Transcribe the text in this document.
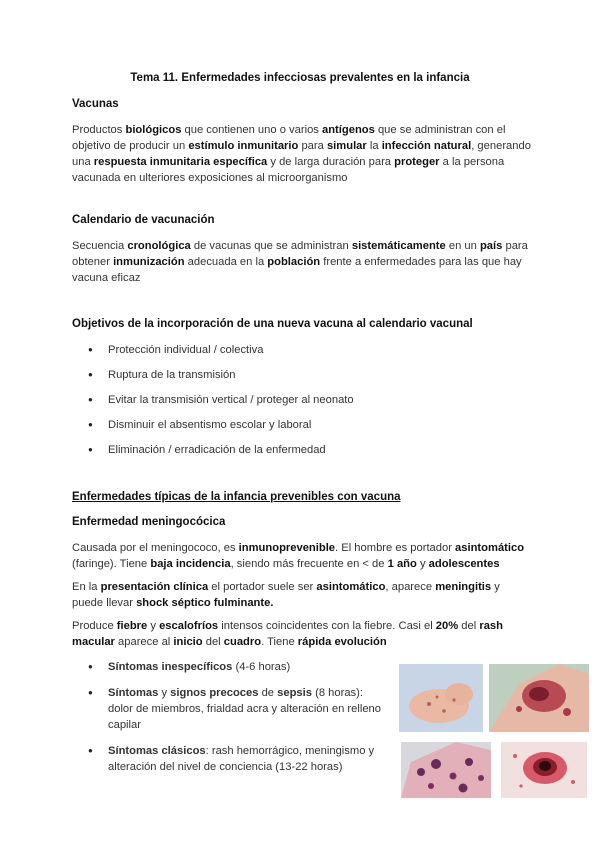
Tema 11. Enfermedades infecciosas prevalentes en la infancia
Vacunas
Productos biológicos que contienen uno o varios antígenos que se administran con el objetivo de producir un estímulo inmunitario para simular la infección natural, generando una respuesta inmunitaria específica y de larga duración para proteger a la persona vacunada en ulteriores exposiciones al microorganismo
Calendario de vacunación
Secuencia cronológica de vacunas que se administran sistemáticamente en un país para obtener inmunización adecuada en la población frente a enfermedades para las que hay vacuna eficaz
Objetivos de la incorporación de una nueva vacuna al calendario vacunal
● Protección individual / colectiva
● Ruptura de la transmisión
● Evitar la transmisión vertical / proteger al neonato
● Disminuir el absentismo escolar y laboral
● Eliminación / erradicación de la enfermedad
Enfermedades típicas de la infancia prevenibles con vacuna
Enfermedad meningocócica
Causada por el meningococo, es inmunoprevenible. El hombre es portador asintomático (faringe). Tiene baja incidencia, siendo más frecuente en < de 1 año y adolescentes
En la presentación clínica el portador suele ser asintomático, aparece meningitis y puede llevar shock séptico fulminante.
Produce fiebre y escalofríos intensos coincidentes con la fiebre. Casi el 20% del rash macular aparece al inicio del cuadro. Tiene rápida evolución
● Síntomas inespecíficos (4-6 horas)
● Síntomas y signos precoces de sepsis (8 horas): dolor de miembros, frialdad acra y alteración en relleno capilar
● Síntomas clásicos: rash hemorrágico, meningismo y alteración del nivel de conciencia (13-22 horas)
